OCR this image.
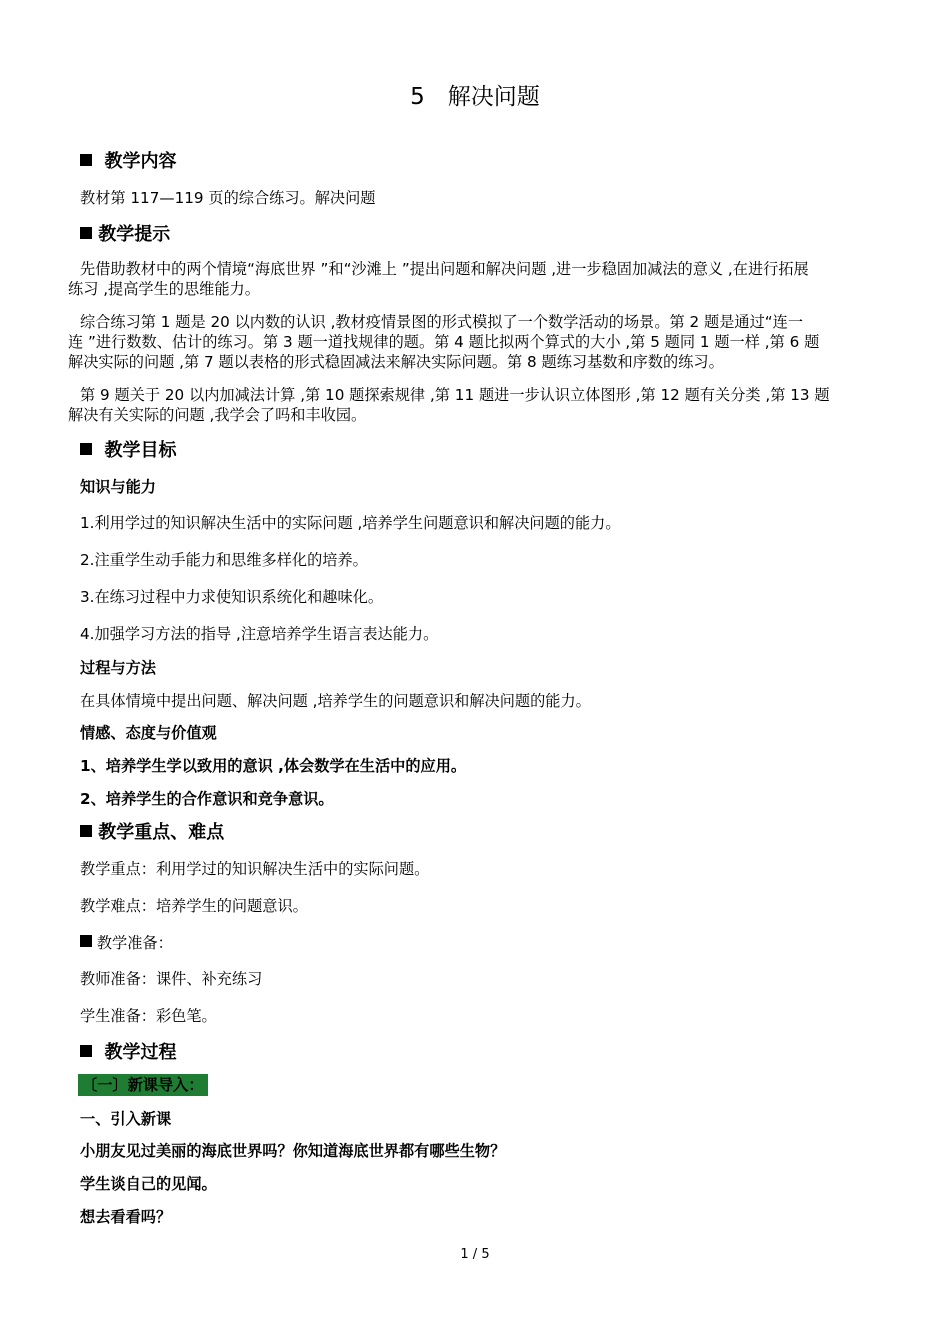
5　解决问题
教学内容
教材第 117—119 页的综合练习。解决问题
教学提示
先借助教材中的两个情境“海底世界 ”和“沙滩上 ”提出问题和解决问题 ,进一步稳固加减法的意义 ,在进行拓展
练习 ,提高学生的思维能力。
综合练习第 1 题是 20 以内数的认识 ,教材疫情景图的形式模拟了一个数学活动的场景。第 2 题是通过“连一
连 ”进行数数、估计的练习。第 3 题一道找规律的题。第 4 题比拟两个算式的大小 ,第 5 题同 1 题一样 ,第 6 题
解决实际的问题 ,第 7 题以表格的形式稳固减法来解决实际问题。第 8 题练习基数和序数的练习。
第 9 题关于 20 以内加减法计算 ,第 10 题探索规律 ,第 11 题进一步认识立体图形 ,第 12 题有关分类 ,第 13 题
解决有关实际的问题 ,我学会了吗和丰收园。
教学目标
知识与能力
1.利用学过的知识解决生活中的实际问题 ,培养学生问题意识和解决问题的能力。
2.注重学生动手能力和思维多样化的培养。
3.在练习过程中力求使知识系统化和趣味化。
4.加强学习方法的指导 ,注意培养学生语言表达能力。
过程与方法
在具体情境中提出问题、解决问题 ,培养学生的问题意识和解决问题的能力。
情感、态度与价值观
1、培养学生学以致用的意识 ,体会数学在生活中的应用。
2、培养学生的合作意识和竞争意识。
教学重点、难点
教学重点：利用学过的知识解决生活中的实际问题。
教学难点：培养学生的问题意识。
教学准备：
教师准备：课件、补充练习
学生准备：彩色笔。
教学过程
〔一〕新课导入：
一、引入新课
小朋友见过美丽的海底世界吗？你知道海底世界都有哪些生物？
学生谈自己的见闻。
想去看看吗？
1 / 5
